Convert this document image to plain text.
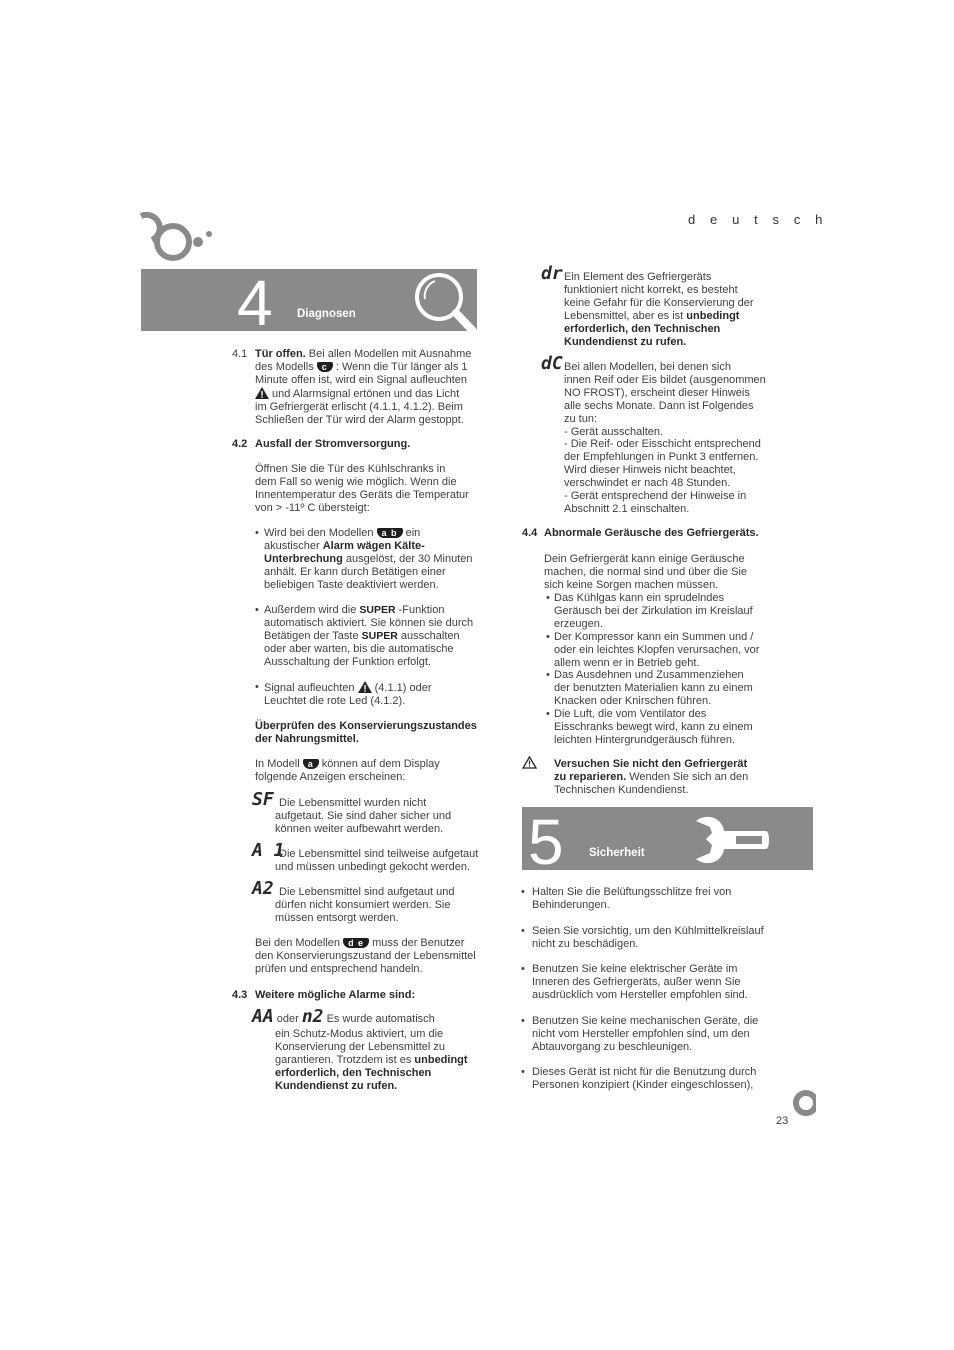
d e u t s c h
4 Diagnosen
4.1 Tür offen. Bei allen Modellen mit Ausnahme
des Modells c : Wenn die Tür länger als 1
Minute offen ist, wird ein Signal aufleuchten
und Alarmsignal ertönen und das Licht
im Gefriergerät erlischt (4.1.1, 4.1.2). Beim
Schließen der Tür wird der Alarm gestoppt.
4.2 Ausfall der Stromversorgung.
Öffnen Sie die Tür des Kühlschranks in
dem Fall so wenig wie möglich. Wenn die
Innentemperatur des Geräts die Temperatur
von > -11º C übersteigt:
• Wird bei den Modellen a b ein
akustischer Alarm wägen Kälte-
Unterbrechung ausgelöst, der 30 Minuten
anhält. Er kann durch Betätigen einer
beliebigen Taste deaktiviert werden.
• Außerdem wird die SUPER -Funktion
automatisch aktiviert. Sie können sie durch
Betätigen der Taste SUPER ausschalten
oder aber warten, bis die automatische
Ausschaltung der Funktion erfolgt.
• Signal aufleuchten  (4.1.1) oder
Leuchtet die rote Led (4.1.2).
Überprüfen des Konservierungszustandes
der Nahrungsmittel.
In Modell a können auf dem Display
folgende Anzeigen erscheinen:
SF Die Lebensmittel wurden nicht
aufgetaut. Sie sind daher sicher und
können weiter aufbewahrt werden.
A 1
Die Lebensmittel sind teilweise aufgetaut
und müssen unbedingt gekocht werden.
A2 Die Lebensmittel sind aufgetaut und
dürfen nicht konsumiert werden. Sie
müssen entsorgt werden.
Bei den Modellen d e muss der Benutzer
den Konservierungszustand der Lebensmittel
prüfen und entsprechend handeln.
4.3 Weitere mögliche Alarme sind:
AA oder n2 Es wurde automatisch
ein Schutz-Modus aktiviert, um die
Konservierung der Lebensmittel zu
garantieren. Trotzdem ist es unbedingt
erforderlich, den Technischen
Kundendienst zu rufen.
dr Ein Element des Gefriergeräts
funktioniert nicht korrekt, es besteht
keine Gefahr für die Konservierung der
Lebensmittel, aber es ist unbedingt
erforderlich, den Technischen
Kundendienst zu rufen.
dC Bei allen Modellen, bei denen sich
innen Reif oder Eis bildet (ausgenommen
NO FROST), erscheint dieser Hinweis
alle sechs Monate. Dann ist Folgendes
zu tun:
- Gerät ausschalten.
- Die Reif- oder Eisschicht entsprechend
der Empfehlungen in Punkt 3 entfernen.
Wird dieser Hinweis nicht beachtet,
verschwindet er nach 48 Stunden.
- Gerät entsprechend der Hinweise in
Abschnitt 2.1 einschalten.
4.4 Abnormale Geräusche des Gefriergeräts.
Dein Gefriergerät kann einige Geräusche
machen, die normal sind und über die Sie
sich keine Sorgen machen müssen.
• Das Kühlgas kann ein sprudelndes
Geräusch bei der Zirkulation im Kreislauf
erzeugen.
• Der Kompressor kann ein Summen und /
oder ein leichtes Klopfen verursachen, vor
allem wenn er in Betrieb geht.
• Das Ausdehnen und Zusammenziehen
der benutzten Materialien kann zu einem
Knacken oder Knirschen führen.
• Die Luft, die vom Ventilator des
Eisschranks bewegt wird, kann zu einem
leichten Hintergrundgeräusch führen.
Versuchen Sie nicht den Gefriergerät
zu reparieren. Wenden Sie sich an den
Technischen Kundendienst.
5 Sicherheit
• Halten Sie die Belüftungsschlitze frei von
Behinderungen.
• Seien Sie vorsichtig, um den Kühlmittelkreislauf
nicht zu beschädigen.
• Benutzen Sie keine elektrischer Geräte im
Inneren des Gefriergeräts, außer wenn Sie
ausdrücklich vom Hersteller empfohlen sind.
• Benutzen Sie keine mechanischen Geräte, die
nicht vom Hersteller empfohlen sind, um den
Abtauvorgang zu beschleunigen.
• Dieses Gerät ist nicht für die Benutzung durch
Personen konzipiert (Kinder eingeschlossen),
23
